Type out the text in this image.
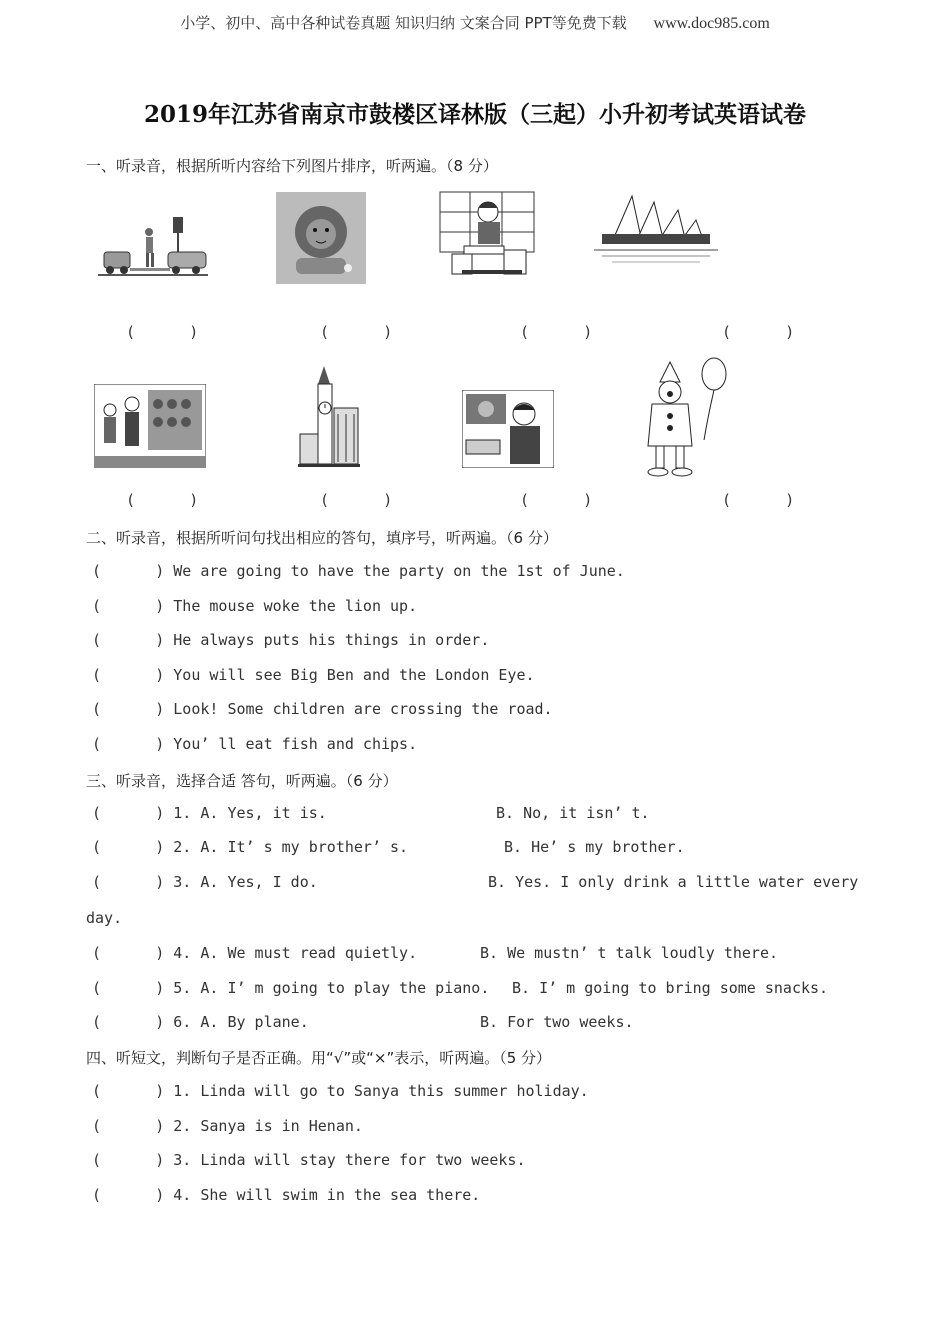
小学、初中、高中各种试卷真题 知识归纳 文案合同 PPT等免费下载 www.doc985.com
2019年江苏省南京市鼓楼区译林版（三起）小升初考试英语试卷
一、听录音，根据所听内容给下列图片排序，听两遍。（8 分）
(      )	(      )	(      )	(      )
(      )	(      )	(      )	(      )
二、听录音，根据所听问句找出相应的答句，填序号，听两遍。（6 分）
(      ) We are going to have the party on the 1st of June.
(      ) The mouse woke the lion up.
(      ) He always puts his things in order.
(      ) You will see Big Ben and the London Eye.
(      ) Look! Some children are crossing the road.
(      ) You’ ll eat fish and chips.
三、听录音，选择合适 答句，听两遍。（6 分）
(      ) 1. A. Yes, it is.	B. No, it isn’ t.
(      ) 2. A. It’ s my brother’ s.	B. He’ s my brother.
(      ) 3. A. Yes, I do.	B. Yes. I only drink a little water every
day.
(      ) 4. A. We must read quietly.	B. We mustn’ t talk loudly there.
(      ) 5. A. I’ m going to play the piano. B. I’ m going to bring some snacks.
(      ) 6. A. By plane.	B. For two weeks.
四、听短文，判断句子是否正确。用“√”或“×”表示，听两遍。（5 分）
(      ) 1. Linda will go to Sanya this summer holiday.
(      ) 2. Sanya is in Henan.
(      ) 3. Linda will stay there for two weeks.
(      ) 4. She will swim in the sea there.
